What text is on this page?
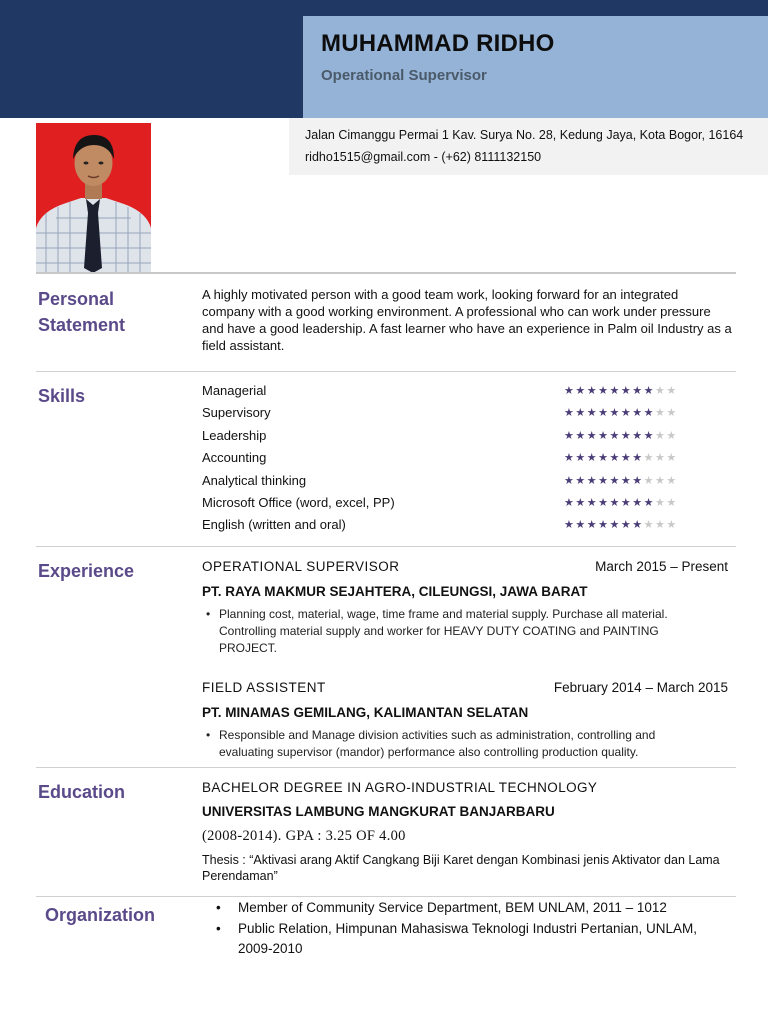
MUHAMMAD RIDHO
Operational Supervisor
Jalan Cimanggu Permai 1 Kav. Surya No. 28, Kedung Jaya, Kota Bogor, 16164
ridho1515@gmail.com - (+62) 8111132150
Personal
Statement
A highly motivated person with a good team work, looking forward for an integrated company with a good working environment. A professional who can work under pressure and have a good leadership. A fast learner who have an experience in Palm oil Industry as a field assistant.
Skills	Managerial	★★★★★★★★★★
Supervisory	★★★★★★★★★★
Leadership	★★★★★★★★★★
Accounting	★★★★★★★★★★
Analytical thinking	★★★★★★★★★★
Microsoft Office (word, excel, PP)	★★★★★★★★★★
English (written and oral)	★★★★★★★★★★
Experience	OPERATIONAL SUPERVISOR	March 2015 – Present
PT. RAYA MAKMUR SEJAHTERA, CILEUNGSI, JAWA BARAT
• Planning cost, material, wage, time frame and material supply. Purchase all material. Controlling material supply and worker for HEAVY DUTY COATING and PAINTING PROJECT.
FIELD ASSISTENT	February 2014 – March 2015
PT. MINAMAS GEMILANG, KALIMANTAN SELATAN
• Responsible and Manage division activities such as administration, controlling and evaluating supervisor (mandor) performance also controlling production quality.
Education	BACHELOR DEGREE IN AGRO-INDUSTRIAL TECHNOLOGY
UNIVERSITAS LAMBUNG MANGKURAT BANJARBARU
(2008-2014). GPA : 3.25 OF 4.00
Thesis : “Aktivasi arang Aktif Cangkang Biji Karet dengan Kombinasi jenis Aktivator dan Lama Perendaman”
Organization	• Member of Community Service Department, BEM UNLAM, 2011 – 1012
• Public Relation, Himpunan Mahasiswa Teknologi Industri Pertanian, UNLAM, 2009-2010
